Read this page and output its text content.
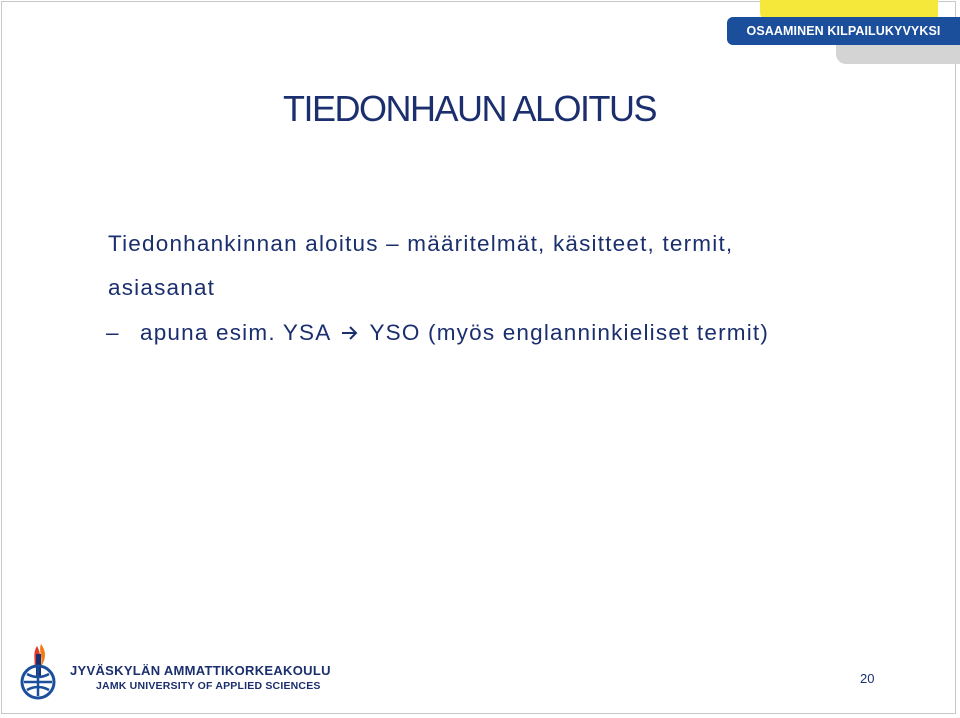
OSAAMINEN KILPAILUKYVYKSI
TIEDONHAUN ALOITUS
Tiedonhankinnan aloitus – määritelmät, käsitteet, termit,
asiasanat
– apuna esim. YSA YSO (myös englanninkieliset termit)
JYVÄSKYLÄN AMMATTIKORKEAKOULU
JAMK UNIVERSITY OF APPLIED SCIENCES	20
